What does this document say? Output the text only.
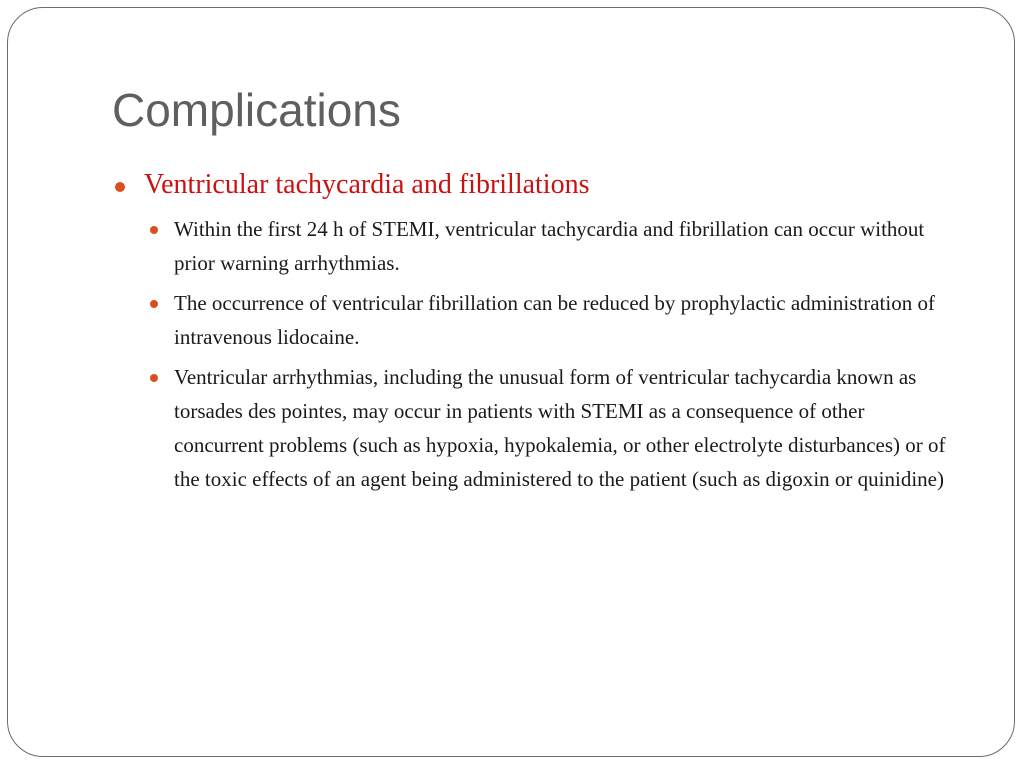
Complications
Ventricular tachycardia and fibrillations
Within the first 24 h of STEMI, ventricular tachycardia and fibrillation can occur without prior warning arrhythmias.
The occurrence of ventricular fibrillation can be reduced by prophylactic administration of intravenous lidocaine.
Ventricular arrhythmias, including the unusual form of ventricular tachycardia known as torsades des pointes, may occur in patients with STEMI as a consequence of other concurrent problems (such as hypoxia, hypokalemia, or other electrolyte disturbances) or of the toxic effects of an agent being administered to the patient (such as digoxin or quinidine)
